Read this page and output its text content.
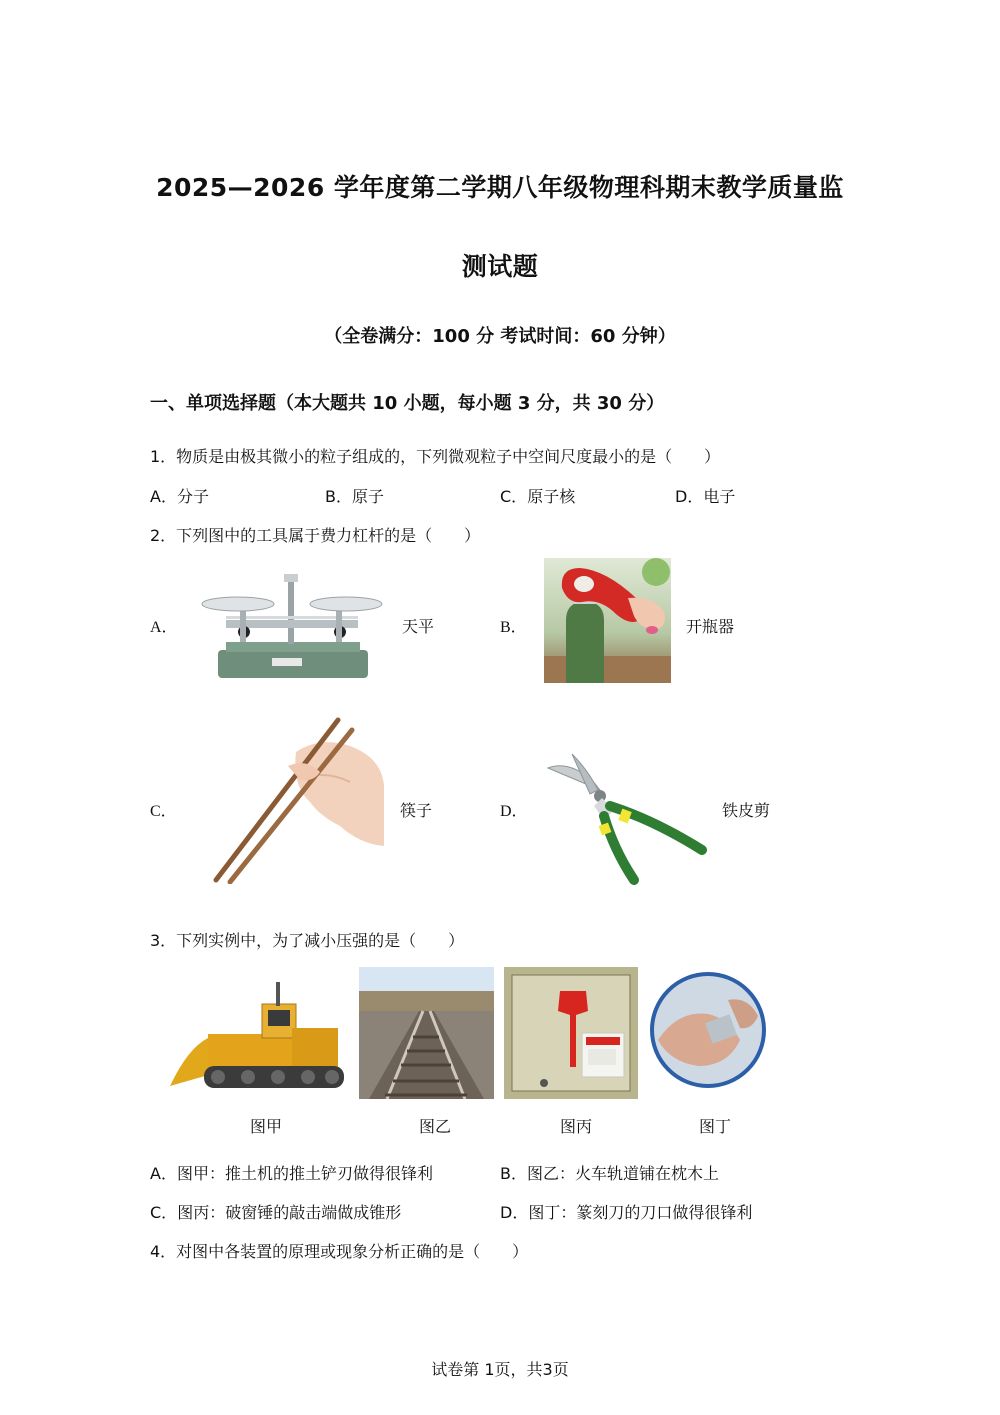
2025—2026 学年度第二学期八年级物理科期末教学质量监
测试题
（全卷满分：100 分 考试时间：60 分钟）
一、单项选择题（本大题共 10 小题，每小题 3 分，共 30 分）
1．物质是由极其微小的粒子组成的，下列微观粒子中空间尺度最小的是（　　）
A．分子	B．原子	C．原子核	D．电子
2．下列图中的工具属于费力杠杆的是（　　）
A．	天平	B．	开瓶器
C．	筷子	D．	铁皮剪
3．下列实例中，为了减小压强的是（　　）
图甲	图乙	图丙	图丁
A．图甲：推土机的推土铲刃做得很锋利	B．图乙：火车轨道铺在枕木上
C．图丙：破窗锤的敲击端做成锥形	D．图丁：篆刻刀的刀口做得很锋利
4．对图中各装置的原理或现象分析正确的是（　　）
试卷第 1页，共3页
